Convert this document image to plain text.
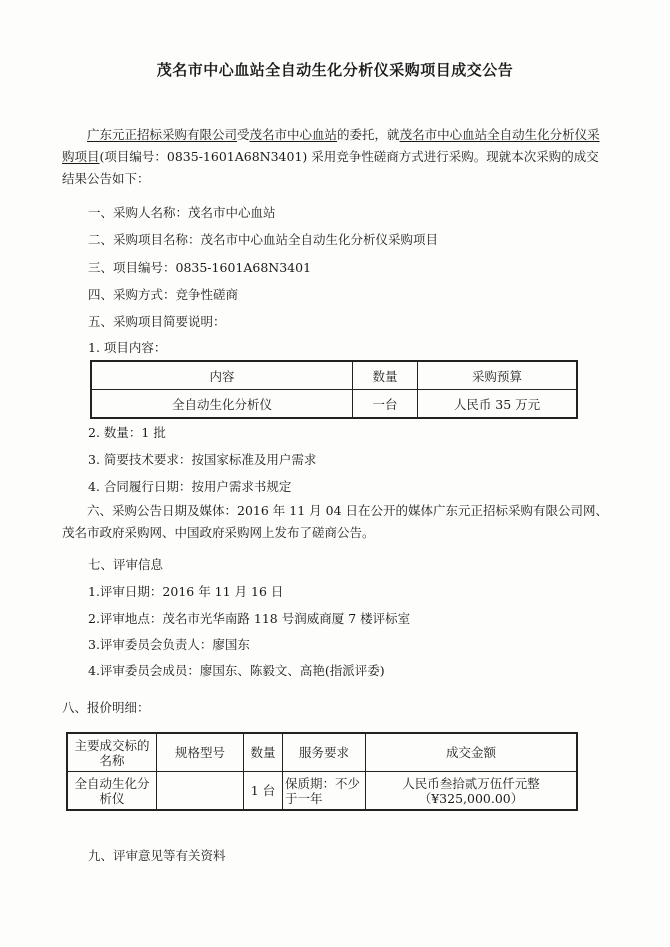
茂名市中心血站全自动生化分析仪采购项目成交公告
广东元正招标采购有限公司受茂名市中心血站的委托，就茂名市中心血站全自动生化分析仪采购项目(项目编号：0835-1601A68N3401) 采用竞争性磋商方式进行采购。现就本次采购的成交结果公告如下：
一、采购人名称：茂名市中心血站
二、采购项目名称：茂名市中心血站全自动生化分析仪采购项目
三、项目编号：0835-1601A68N3401
四、采购方式：竞争性磋商
五、采购项目简要说明：
1. 项目内容：
内容	数量	采购预算
全自动生化分析仪	一台	人民币 35 万元
2. 数量：1 批
3. 简要技术要求：按国家标准及用户需求
4. 合同履行日期：按用户需求书规定
六、采购公告日期及媒体：2016 年 11 月 04 日在公开的媒体广东元正招标采购有限公司网、茂名市政府采购网、中国政府采购网上发布了磋商公告。
七、评审信息
1.评审日期：2016 年 11 月 16 日
2.评审地点：茂名市光华南路 118 号润威商厦 7 楼评标室
3.评审委员会负责人：廖国东
4.评审委员会成员：廖国东、陈毅文、高艳(指派评委)
八、报价明细：
主要成交标的名称	规格型号	数量	服务要求	成交金额
全自动生化分析仪		1 台	保质期：不少于一年	人民币叁拾贰万伍仟元整
（¥325,000.00）
九、评审意见等有关资料
